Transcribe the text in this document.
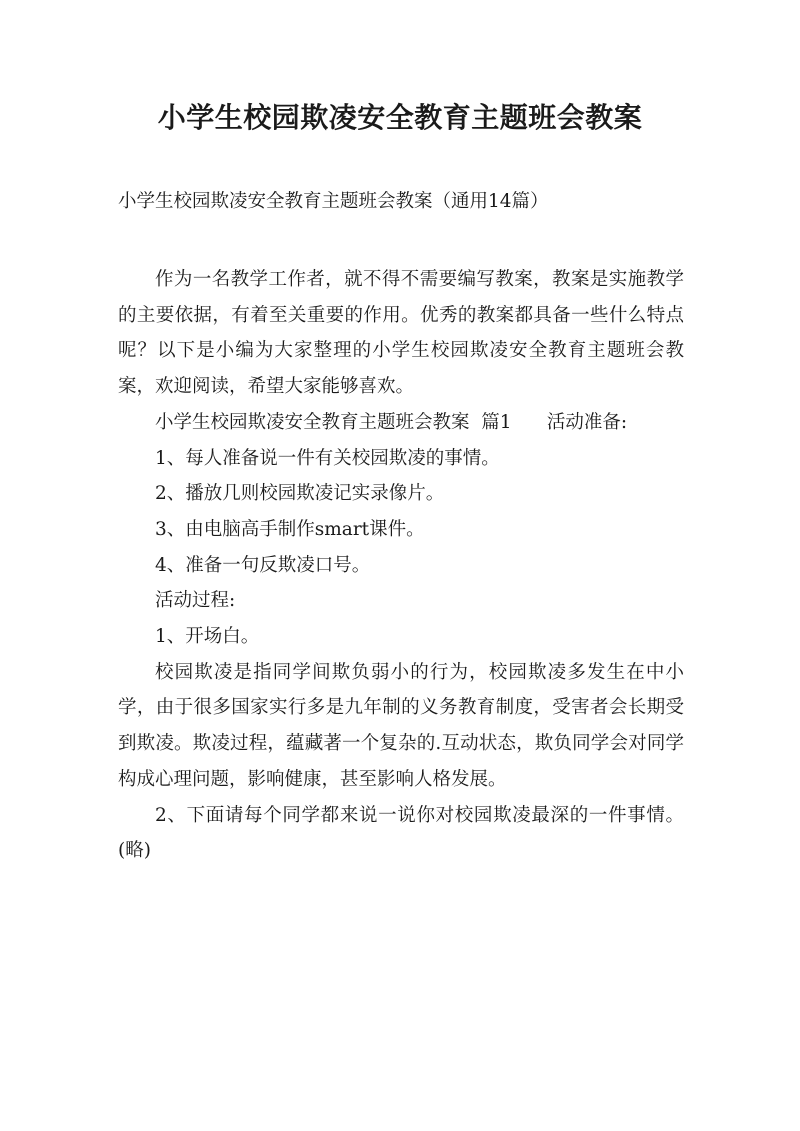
小学生校园欺凌安全教育主题班会教案

小学生校园欺凌安全教育主题班会教案（通用14篇）

作为一名教学工作者，就不得不需要编写教案，教案是实施教学的主要依据，有着至关重要的作用。优秀的教案都具备一些什么特点呢？以下是小编为大家整理的小学生校园欺凌安全教育主题班会教案，欢迎阅读，希望大家能够喜欢。

小学生校园欺凌安全教育主题班会教案  篇1      活动准备:

1、每人准备说一件有关校园欺凌的事情。

2、播放几则校园欺凌记实录像片。

3、由电脑高手制作smart课件。

4、准备一句反欺凌口号。

活动过程:

1、开场白。

校园欺凌是指同学间欺负弱小的行为，校园欺凌多发生在中小学，由于很多国家实行多是九年制的义务教育制度，受害者会长期受到欺凌。欺凌过程，蕴藏著一个复杂的.互动状态，欺负同学会对同学构成心理问题，影响健康，甚至影响人格发展。

2、下面请每个同学都来说一说你对校园欺凌最深的一件事情。(略)
